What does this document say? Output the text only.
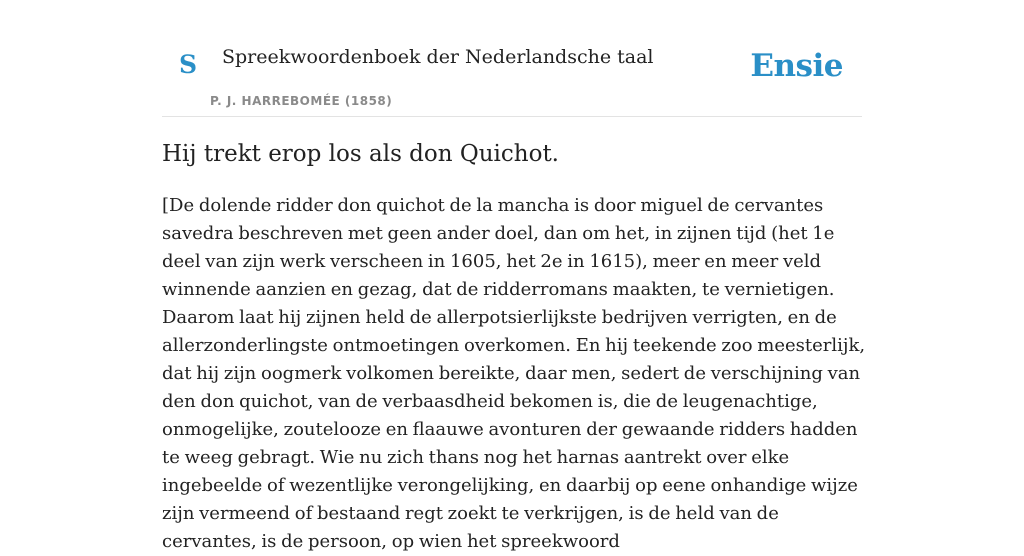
S Spreekwoordenboek der Nederlandsche taal
P. J. HARREBOMÉE (1858)
Ensie
Hij trekt erop los als don Quichot.

[De dolende ridder don quichot de la mancha is door miguel de cervantes savedra beschreven met geen ander doel, dan om het, in zijnen tijd (het 1e deel van zijn werk verscheen in 1605, het 2e in 1615), meer en meer veld winnende aanzien en gezag, dat de ridderromans maakten, te vernietigen. Daarom laat hij zijnen held de allerpotsierlijkste bedrijven verrigten, en de allerzonderlingste ontmoetingen overkomen. En hij teekende zoo meesterlijk, dat hij zijn oogmerk volkomen bereikte, daar men, sedert de verschijning van den don quichot, van de verbaasdheid bekomen is, die de leugenachtige, onmogelijke, zoutelooze en flaauwe avonturen der gewaande ridders hadden te weeg gebragt. Wie nu zich thans nog het harnas aantrekt over elke ingebeelde of wezentlijke verongelijking, en daarbij op eene onhandige wijze zijn vermeend of bestaand regt zoekt te verkrijgen, is de held van de cervantes, is de persoon, op wien het spreekwoord
